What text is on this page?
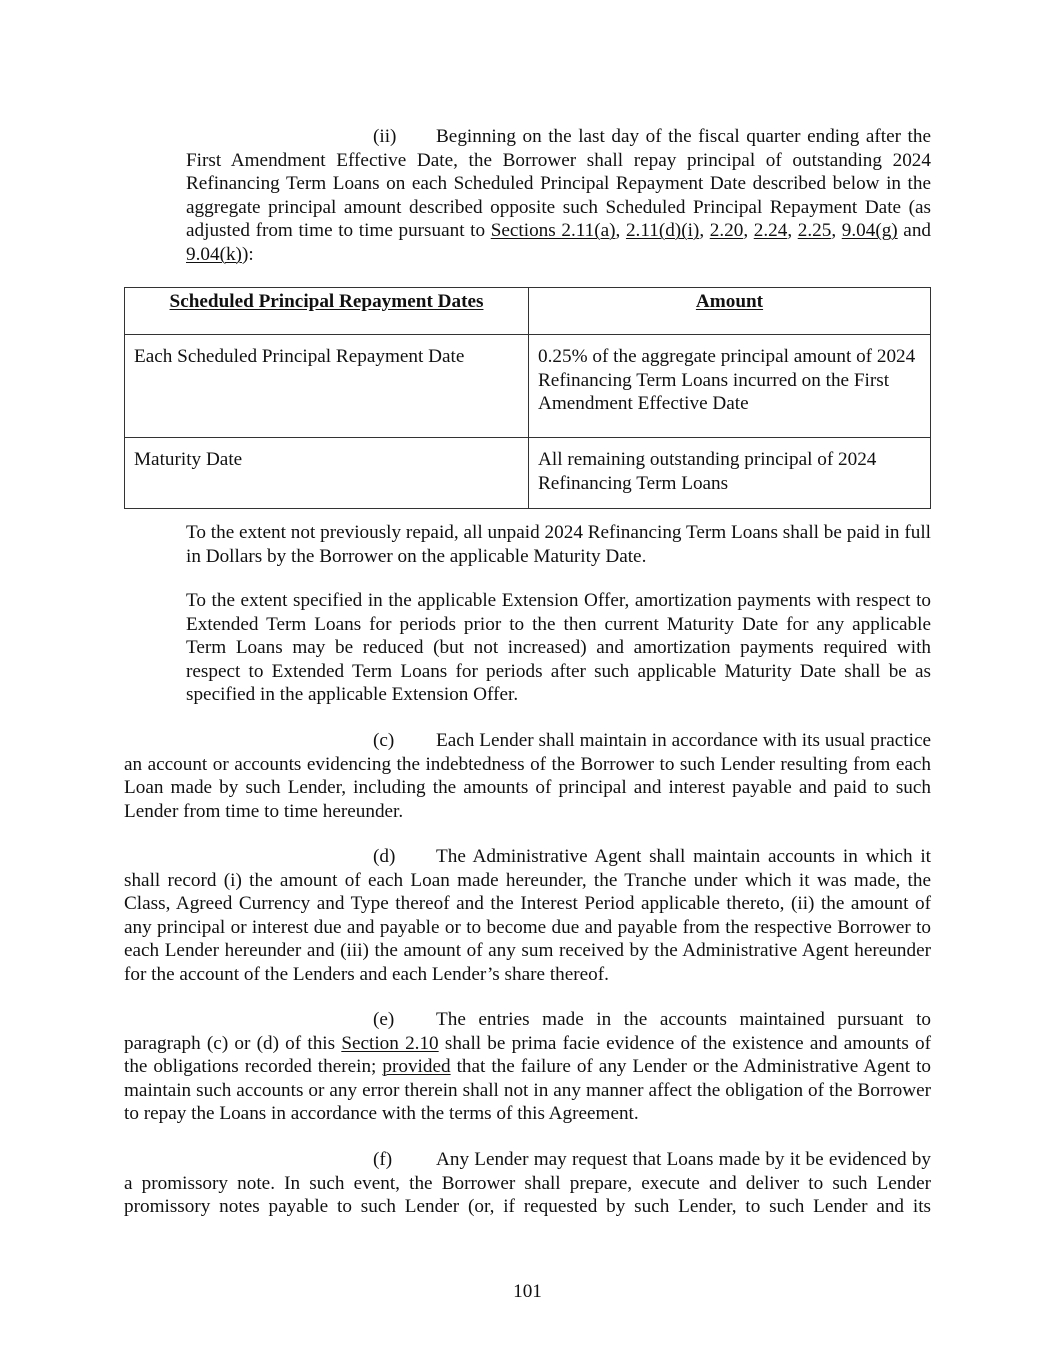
(ii) Beginning on the last day of the fiscal quarter ending after the First Amendment Effective Date, the Borrower shall repay principal of outstanding 2024 Refinancing Term Loans on each Scheduled Principal Repayment Date described below in the aggregate principal amount described opposite such Scheduled Principal Repayment Date (as adjusted from time to time pursuant to Sections 2.11(a), 2.11(d)(i), 2.20, 2.24, 2.25, 9.04(g) and 9.04(k)):

Scheduled Principal Repayment Dates	Amount
Each Scheduled Principal Repayment Date	0.25% of the aggregate principal amount of 2024 Refinancing Term Loans incurred on the First Amendment Effective Date
Maturity Date	All remaining outstanding principal of 2024 Refinancing Term Loans

To the extent not previously repaid, all unpaid 2024 Refinancing Term Loans shall be paid in full in Dollars by the Borrower on the applicable Maturity Date.

To the extent specified in the applicable Extension Offer, amortization payments with respect to Extended Term Loans for periods prior to the then current Maturity Date for any applicable Term Loans may be reduced (but not increased) and amortization payments required with respect to Extended Term Loans for periods after such applicable Maturity Date shall be as specified in the applicable Extension Offer.

(c) Each Lender shall maintain in accordance with its usual practice an account or accounts evidencing the indebtedness of the Borrower to such Lender resulting from each Loan made by such Lender, including the amounts of principal and interest payable and paid to such Lender from time to time hereunder.

(d) The Administrative Agent shall maintain accounts in which it shall record (i) the amount of each Loan made hereunder, the Tranche under which it was made, the Class, Agreed Currency and Type thereof and the Interest Period applicable thereto, (ii) the amount of any principal or interest due and payable or to become due and payable from the respective Borrower to each Lender hereunder and (iii) the amount of any sum received by the Administrative Agent hereunder for the account of the Lenders and each Lender’s share thereof.

(e) The entries made in the accounts maintained pursuant to paragraph (c) or (d) of this Section 2.10 shall be prima facie evidence of the existence and amounts of the obligations recorded therein; provided that the failure of any Lender or the Administrative Agent to maintain such accounts or any error therein shall not in any manner affect the obligation of the Borrower to repay the Loans in accordance with the terms of this Agreement.

(f) Any Lender may request that Loans made by it be evidenced by a promissory note. In such event, the Borrower shall prepare, execute and deliver to such Lender promissory notes payable to such Lender (or, if requested by such Lender, to such Lender and its

101
